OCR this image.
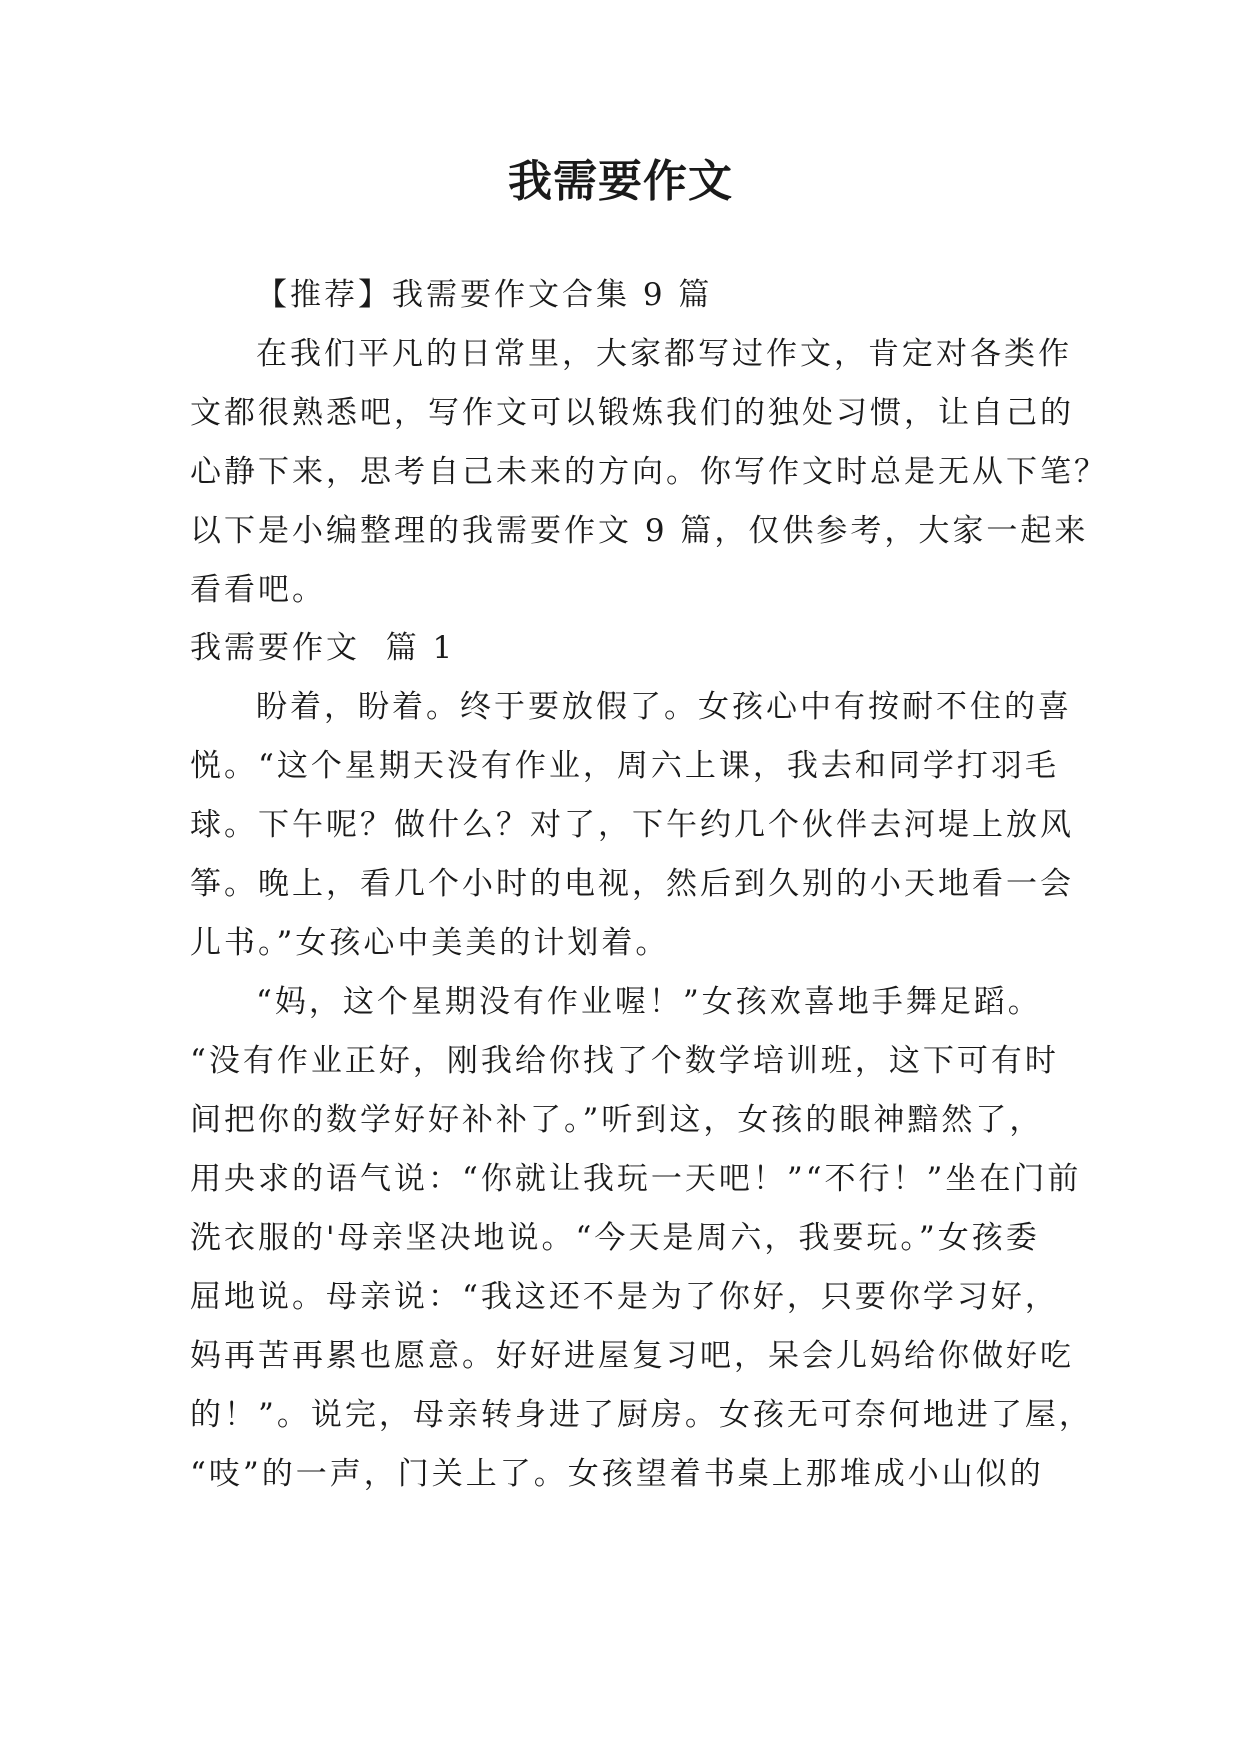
我需要作文
【推荐】我需要作文合集 9 篇
在我们平凡的日常里，大家都写过作文，肯定对各类作
文都很熟悉吧，写作文可以锻炼我们的独处习惯，让自己的
心静下来，思考自己未来的方向。你写作文时总是无从下笔？
以下是小编整理的我需要作文 9 篇，仅供参考，大家一起来
看看吧。
我需要作文  篇 1
盼着，盼着。终于要放假了。女孩心中有按耐不住的喜
悦。“这个星期天没有作业，周六上课，我去和同学打羽毛
球。下午呢？做什么？对了，下午约几个伙伴去河堤上放风
筝。晚上，看几个小时的电视，然后到久别的小天地看一会
儿书。”女孩心中美美的计划着。
“妈，这个星期没有作业喔！”女孩欢喜地手舞足蹈。
“没有作业正好，刚我给你找了个数学培训班，这下可有时
间把你的数学好好补补了。”听到这，女孩的眼神黯然了，
用央求的语气说：“你就让我玩一天吧！”“不行！”坐在门前
洗衣服的'母亲坚决地说。“今天是周六，我要玩。”女孩委
屈地说。母亲说：“我这还不是为了你好，只要你学习好，
妈再苦再累也愿意。好好进屋复习吧，呆会儿妈给你做好吃
的！”。说完，母亲转身进了厨房。女孩无可奈何地进了屋，
“吱”的一声，门关上了。女孩望着书桌上那堆成小山似的
